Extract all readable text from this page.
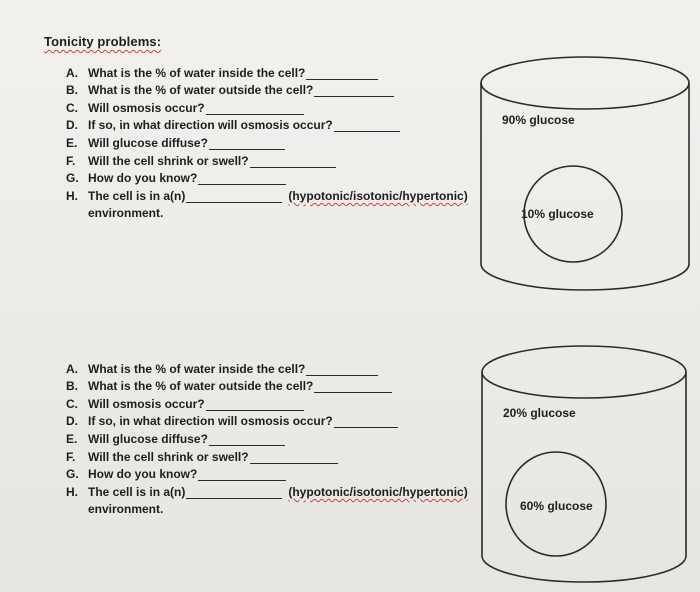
Tonicity problems:
A. What is the % of water inside the cell?
B. What is the % of water outside the cell?
C. Will osmosis occur?
D. If so, in what direction will osmosis occur?
E. Will glucose diffuse?
F.	Will the cell shrink or swell?
G. How do you know?
H. The cell is in a(n)	(hypotonic/isotonic/hypertonic)
environment.
90% glucose
10% glucose
A. What is the % of water inside the cell?
B. What is the % of water outside the cell?
C. Will osmosis occur?
D. If so, in what direction will osmosis occur?
E. Will glucose diffuse?
F.	Will the cell shrink or swell?
G. How do you know?
H. The cell is in a(n)	(hypotonic/isotonic/hypertonic)
environment.
20% glucose
60% glucose
